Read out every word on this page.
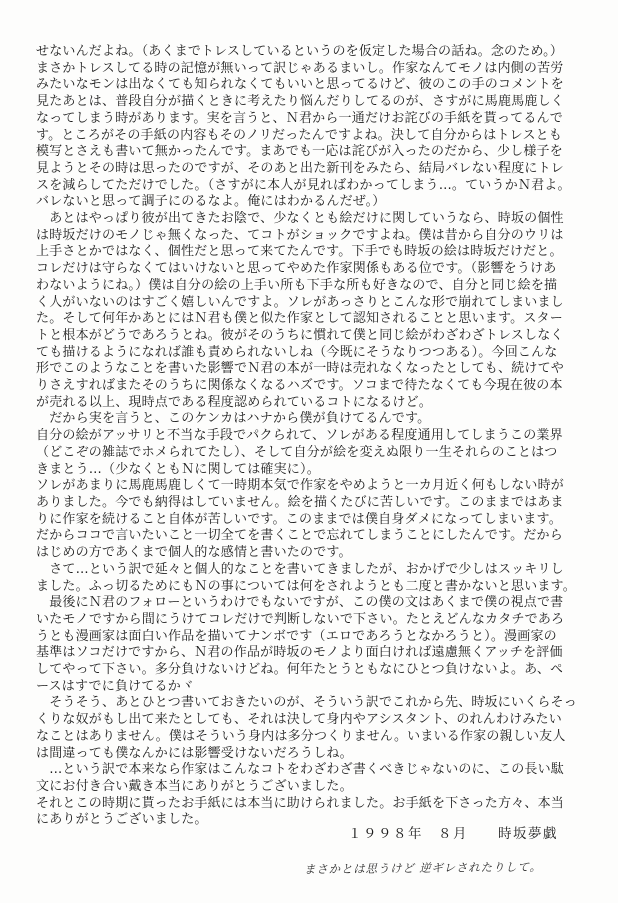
せないんだよね。（あくまでトレスしているというのを仮定した場合の話ね。念のため。）
まさかトレスしてる時の記憶が無いって訳じゃあるまいし。作家なんてモノは内側の苦労
みたいなモンは出なくても知られなくてもいいと思ってるけど、彼のこの手のコメントを
見たあとは、普段自分が描くときに考えたり悩んだりしてるのが、さすがに馬鹿馬鹿しく
なってしまう時があります。実を言うと、Ｎ君から一通だけお詫びの手紙を貰ってるんで
す。ところがその手紙の内容もそのノリだったんですよね。決して自分からはトレスとも
模写とさえも書いて無かったんです。まあでも一応は詫びが入ったのだから、少し様子を
見ようとその時は思ったのですが、そのあと出た新刊をみたら、結局バレない程度にトレ
スを減らしてただけでした。（さすがに本人が見ればわかってしまう…。ていうかＮ君よ。
バレないと思って調子にのるなよ。俺にはわかるんだぜ。）
　あとはやっぱり彼が出てきたお陰で、少なくとも絵だけに関していうなら、時坂の個性
は時坂だけのモノじゃ無くなった、てコトがショックですよね。僕は昔から自分のウリは
上手さとかではなく、個性だと思って来てたんです。下手でも時坂の絵は時坂だけだと。
コレだけは守らなくてはいけないと思ってやめた作家関係もある位です。（影響をうけあ
わないようにね。）僕は自分の絵の上手い所も下手な所も好きなので、自分と同じ絵を描
く人がいないのはすごく嬉しいんですよ。ソレがあっさりとこんな形で崩れてしまいまし
た。そして何年かあとにはＮ君も僕と似た作家として認知されることと思います。スター
トと根本がどうであろうとね。彼がそのうちに慣れて僕と同じ絵がわざわざトレスしなく
ても描けるようになれば誰も責められないしね（今既にそうなりつつある）。今回こんな
形でこのようなことを書いた影響でＮ君の本が一時は売れなくなったとしても、続けてや
りさえすればまたそのうちに関係なくなるハズです。ソコまで待たなくても今現在彼の本
が売れる以上、現時点である程度認められているコトになるけど。
　だから実を言うと、このケンカはハナから僕が負けてるんです。
自分の絵がアッサリと不当な手段でパクられて、ソレがある程度通用してしまうこの業界
（どこぞの雑誌でホメられてたし）、そして自分が絵を変えぬ限り一生それらのことはつ
きまとう…（少なくともＮに関しては確実に）。
ソレがあまりに馬鹿馬鹿しくて一時期本気で作家をやめようと一カ月近く何もしない時が
ありました。今でも納得はしていません。絵を描くたびに苦しいです。このままではあま
りに作家を続けること自体が苦しいです。このままでは僕自身ダメになってしまいます。
だからココで言いたいこと一切全てを書くことで忘れてしまうことにしたんです。だから
はじめの方であくまで個人的な感情と書いたのです。
　さて…という訳で延々と個人的なことを書いてきましたが、おかげで少しはスッキリし
ました。ふっ切るためにもＮの事については何をされようとも二度と書かないと思います。
　最後にＮ君のフォローというわけでもないですが、この僕の文はあくまで僕の視点で書
いたモノですから間にうけてコレだけで判断しないで下さい。たとえどんなカタチであろ
うとも漫画家は面白い作品を描いてナンボです（エロであろうとなかろうと）。漫画家の
基準はソコだけですから、Ｎ君の作品が時坂のモノより面白ければ遠慮無くアッチを評価
してやって下さい。多分負けないけどね。何年たとうともなにひとつ負けないよ。あ、ペ
ースはすでに負けてるかヾ
　そうそう、あとひとつ書いておきたいのが、そういう訳でこれから先、時坂にいくらそっ
くりな奴がもし出て来たとしても、それは決して身内やアシスタント、のれんわけみたい
なことはありません。僕はそういう身内は多分つくりません。いまいる作家の親しい友人
は間違っても僕なんかには影響受けないだろうしね。
　…という訳で本来なら作家はこんなコトをわざわざ書くべきじゃないのに、この長い駄
文にお付き合い戴き本当にありがとうございました。
それとこの時期に貰ったお手紙には本当に助けられました。お手紙を下さった方々、本当
にありがとうございました。
１９９８年　８月　　時坂夢戯
まさかとは思うけど 逆ギレされたりして。
